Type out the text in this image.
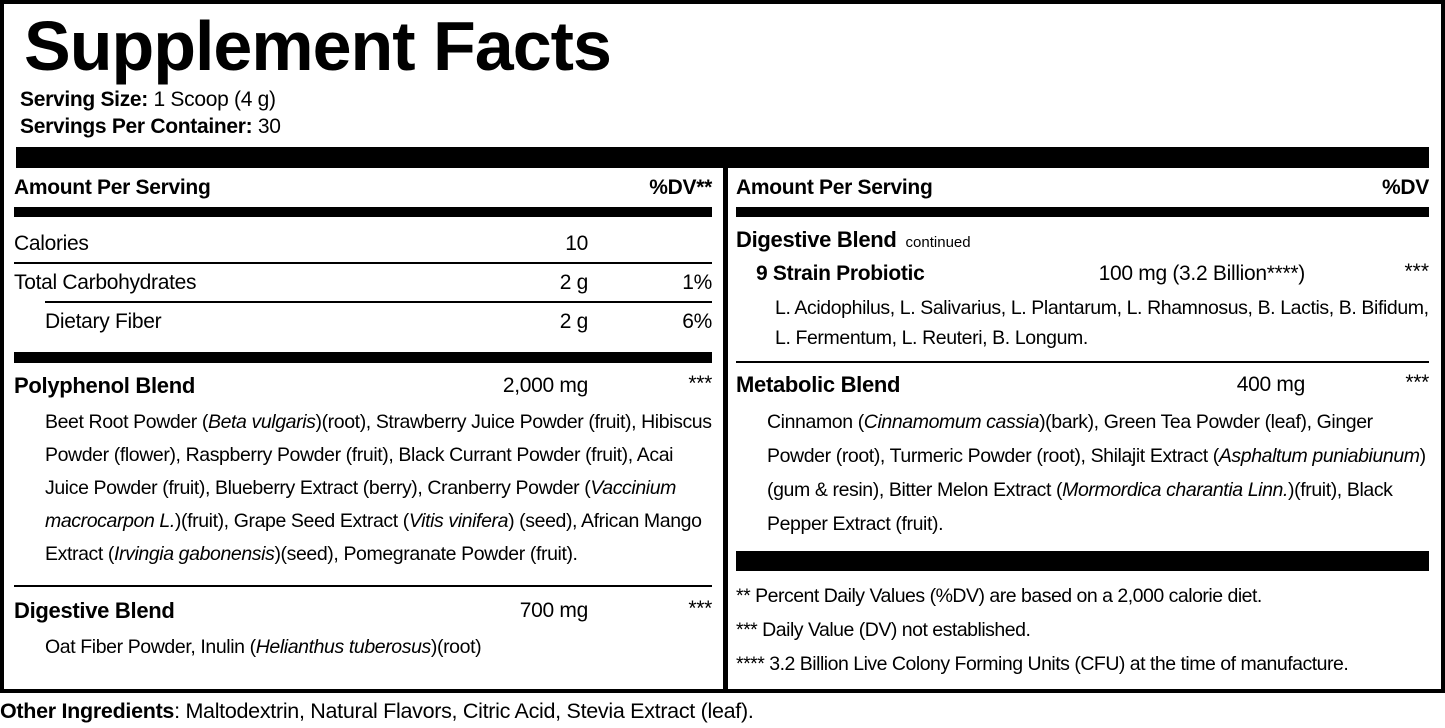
Supplement Facts
Serving Size: 1 Scoop (4 g)
Servings Per Container: 30
Amount Per Serving	%DV**
Calories	10
Total Carbohydrates	2 g	1%
Dietary Fiber	2 g	6%
Polyphenol Blend	2,000 mg	***
Beet Root Powder (Beta vulgaris)(root), Strawberry Juice Powder (fruit), Hibiscus Powder (flower), Raspberry Powder (fruit), Black Currant Powder (fruit), Acai Juice Powder (fruit), Blueberry Extract (berry), Cranberry Powder (Vaccinium macrocarpon L.)(fruit), Grape Seed Extract (Vitis vinifera) (seed), African Mango Extract (Irvingia gabonensis)(seed), Pomegranate Powder (fruit).
Digestive Blend	700 mg	***
Oat Fiber Powder, Inulin (Helianthus tuberosus)(root)
Amount Per Serving	%DV
Digestive Blend continued
9 Strain Probiotic	100 mg (3.2 Billion****)	***
L. Acidophilus, L. Salivarius, L. Plantarum, L. Rhamnosus, B. Lactis, B. Bifidum, L. Fermentum, L. Reuteri, B. Longum.
Metabolic Blend	400 mg	***
Cinnamon (Cinnamomum cassia)(bark), Green Tea Powder (leaf), Ginger Powder (root), Turmeric Powder (root), Shilajit Extract (Asphaltum puniabiunum)(gum & resin), Bitter Melon Extract (Mormordica charantia Linn.)(fruit), Black Pepper Extract (fruit).
** Percent Daily Values (%DV) are based on a 2,000 calorie diet.
*** Daily Value (DV) not established.
**** 3.2 Billion Live Colony Forming Units (CFU) at the time of manufacture.
Other Ingredients: Maltodextrin, Natural Flavors, Citric Acid, Stevia Extract (leaf).
